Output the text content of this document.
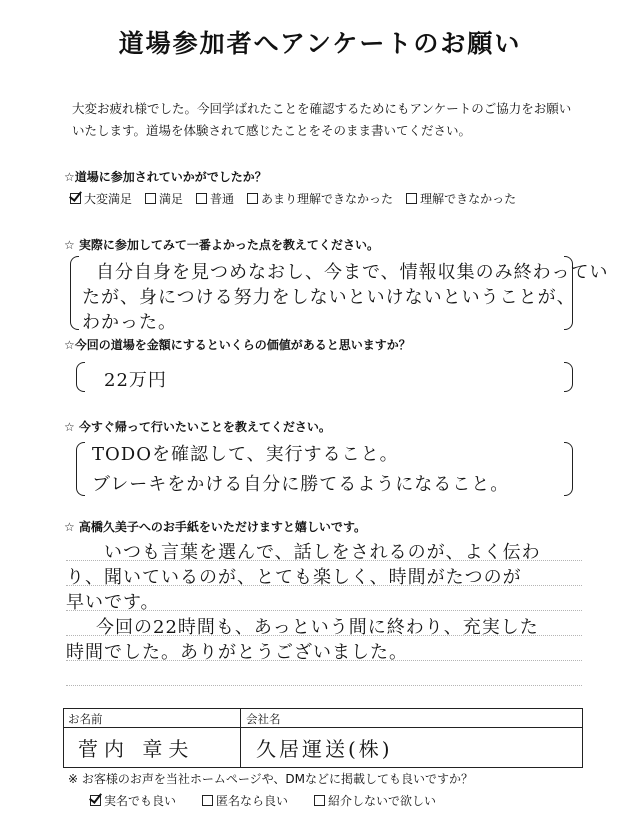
道場参加者へアンケートのお願い
大変お疲れ様でした。今回学ばれたことを確認するためにもアンケートのご協力をお願いいたします。道場を体験されて感じたことをそのまま書いてください。
☆道場に参加されていかがでしたか？
大変満足 満足 普通 あまり理解できなかった 理解できなかった
☆ 実際に参加してみて一番よかった点を教えてください。
自分自身を見つめなおし、今まで、情報収集のみ終わってい
たが、身につける努力をしないといけないということが、
わかった。
☆今回の道場を金額にするといくらの価値があると思いますか？
22万円
☆ 今すぐ帰って行いたいことを教えてください。
TODOを確認して、実行すること。
ブレーキをかける自分に勝てるようになること。
☆ 高橋久美子へのお手紙をいただけますと嬉しいです。
いつも言葉を選んで、話しをされるのが、よく伝わ
り、聞いているのが、とても楽しく、時間がたつのが
早いです。
今回の22時間も、あっという間に終わり、充実した
時間でした。ありがとうございました。
お名前	会社名
菅内 章夫	久居運送(株)
※ お客様のお声を当社ホームページや、DMなどに掲載しても良いですか？
実名でも良い	匿名なら良い	紹介しないで欲しい
